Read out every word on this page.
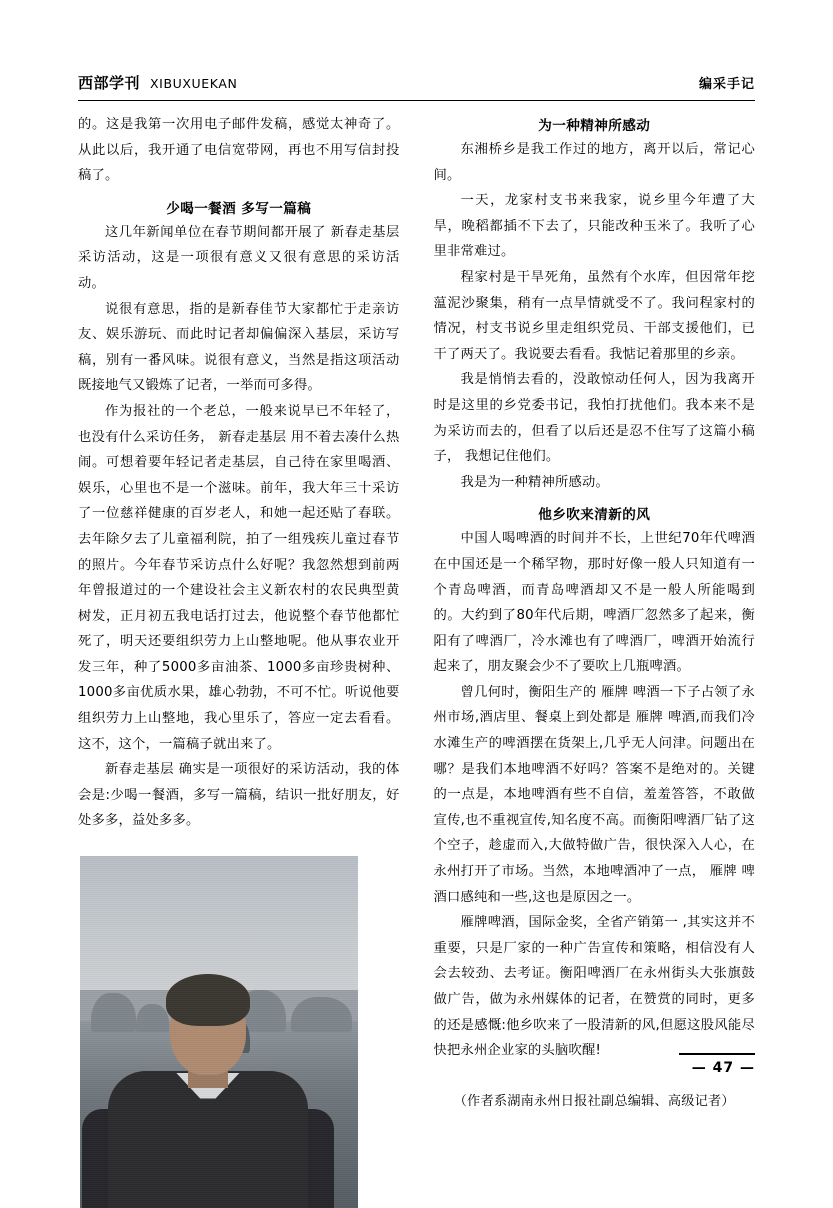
西部学刊 XIBUXUEKAN	编采手记

的。这是我第一次用电子邮件发稿，感觉太神奇了。从此以后，我开通了电信宽带网，再也不用写信封投稿了。

少喝一餐酒 多写一篇稿

这几年新闻单位在春节期间都开展了 新春走基层 采访活动，这是一项很有意义又很有意思的采访活动。

说很有意思，指的是新春佳节大家都忙于走亲访友、娱乐游玩、而此时记者却偏偏深入基层，采访写稿，别有一番风味。说很有意义，当然是指这项活动既接地气又锻炼了记者，一举而可多得。

作为报社的一个老总，一般来说早已不年轻了，也没有什么采访任务， 新春走基层 用不着去凑什么热闹。可想着要年轻记者走基层，自己待在家里喝酒、娱乐，心里也不是一个滋味。前年，我大年三十采访了一位慈祥健康的百岁老人，和她一起还贴了春联。去年除夕去了儿童福利院，拍了一组残疾儿童过春节的照片。今年春节采访点什么好呢？我忽然想到前两年曾报道过的一个建设社会主义新农村的农民典型黄树发，正月初五我电话打过去，他说整个春节他都忙死了，明天还要组织劳力上山整地呢。他从事农业开发三年，种了5000多亩油茶、1000多亩珍贵树种、1000多亩优质水果，雄心勃勃，不可不忙。听说他要组织劳力上山整地，我心里乐了，答应一定去看看。这不，这个，一篇稿子就出来了。

新春走基层 确实是一项很好的采访活动，我的体会是:少喝一餐酒，多写一篇稿，结识一批好朋友，好处多多，益处多多。

为一种精神所感动

东湘桥乡是我工作过的地方，离开以后，常记心间。

一天，龙家村支书来我家，说乡里今年遭了大旱，晚稻都插不下去了，只能改种玉米了。我听了心里非常难过。

程家村是干旱死角，虽然有个水库，但因常年挖蕰泥沙聚集，稍有一点旱情就受不了。我问程家村的情况，村支书说乡里走组织党员、干部支援他们，已干了两天了。我说要去看看。我惦记着那里的乡亲。

我是悄悄去看的，没敢惊动任何人，因为我离开时是这里的乡党委书记，我怕打扰他们。我本来不是为采访而去的，但看了以后还是忍不住写了这篇小稿子， 我想记住他们。

我是为一种精神所感动。

他乡吹来清新的风

中国人喝啤酒的时间并不长，上世纪70年代啤酒在中国还是一个稀罕物，那时好像一般人只知道有一个青岛啤酒，而青岛啤酒却又不是一般人所能喝到的。大约到了80年代后期，啤酒厂忽然多了起来，衡阳有了啤酒厂，冷水滩也有了啤酒厂，啤酒开始流行起来了，朋友聚会少不了要吹上几瓶啤酒。

曾几何时，衡阳生产的 雁牌 啤酒一下子占领了永州市场,酒店里、餐桌上到处都是 雁牌 啤酒,而我们冷水滩生产的啤酒摆在货架上,几乎无人问津。问题出在哪？是我们本地啤酒不好吗？答案不是绝对的。关键的一点是，本地啤酒有些不自信，羞羞答答，不敢做宣传,也不重视宣传,知名度不高。而衡阳啤酒厂钻了这个空子，趁虚而入,大做特做广告，很快深入人心，在永州打开了市场。当然，本地啤酒冲了一点， 雁牌 啤酒口感纯和一些,这也是原因之一。

雁牌啤酒，国际金奖，全省产销第一 ,其实这并不重要，只是厂家的一种广告宣传和策略，相信没有人会去较劲、去考证。衡阳啤酒厂在永州街头大张旗鼓做广告，做为永州媒体的记者，在赞赏的同时，更多的还是感慨:他乡吹来了一股清新的风,但愿这股风能尽快把永州企业家的头脑吹醒!

（作者系湖南永州日报社副总编辑、高级记者）
— 47 —
